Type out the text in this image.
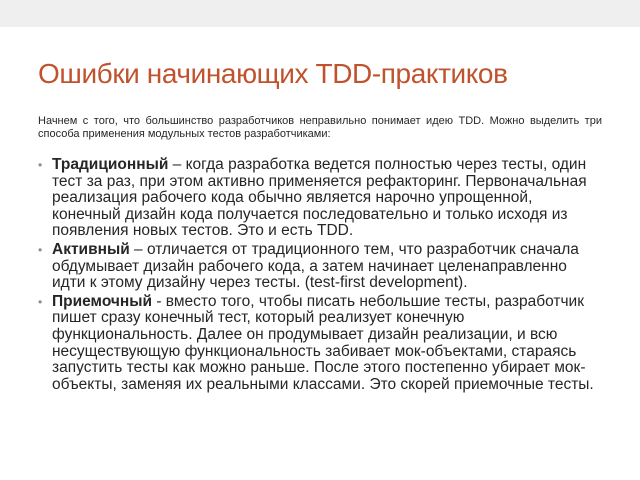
Ошибки начинающих TDD-практиков

Начнем с того, что большинство разработчиков неправильно понимает идею TDD. Можно выделить три способа применения модульных тестов разработчиками:

• Традиционный – когда разработка ведется полностью через тесты, один тест за раз, при этом активно применяется рефакторинг. Первоначальная реализация рабочего кода обычно является нарочно упрощенной, конечный дизайн кода получается последовательно и только исходя из появления новых тестов. Это и есть TDD.
• Активный – отличается от традиционного тем, что разработчик сначала обдумывает дизайн рабочего кода, а затем начинает целенаправленно идти к этому дизайну через тесты. (test-first development).
• Приемочный - вместо того, чтобы писать небольшие тесты, разработчик пишет сразу конечный тест, который реализует конечную функциональность. Далее он продумывает дизайн реализации, и всю несуществующую функциональность забивает мок-объектами, стараясь запустить тесты как можно раньше. После этого постепенно убирает мок-объекты, заменяя их реальными классами. Это скорей приемочные тесты.
